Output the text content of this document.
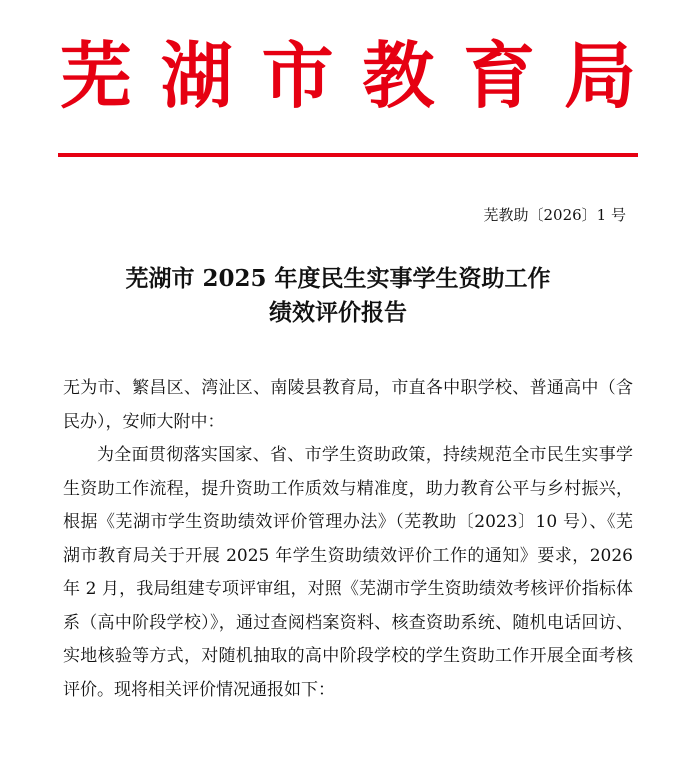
芜 湖 市 教 育 局
芜教助〔2026〕1 号
芜湖市 2025 年度民生实事学生资助工作
绩效评价报告

无为市、繁昌区、湾沚区、南陵县教育局，市直各中职学校、普通高中（含民办），安师大附中：

为全面贯彻落实国家、省、市学生资助政策，持续规范全市民生实事学生资助工作流程，提升资助工作质效与精准度，助力教育公平与乡村振兴，根据《芜湖市学生资助绩效评价管理办法》（芜教助〔2023〕10 号）、《芜湖市教育局关于开展 2025 年学生资助绩效评价工作的通知》要求，2026 年 2 月，我局组建专项评审组，对照《芜湖市学生资助绩效考核评价指标体系（高中阶段学校）》，通过查阅档案资料、核查资助系统、随机电话回访、实地核验等方式，对随机抽取的高中阶段学校的学生资助工作开展全面考核评价。现将相关评价情况通报如下：
